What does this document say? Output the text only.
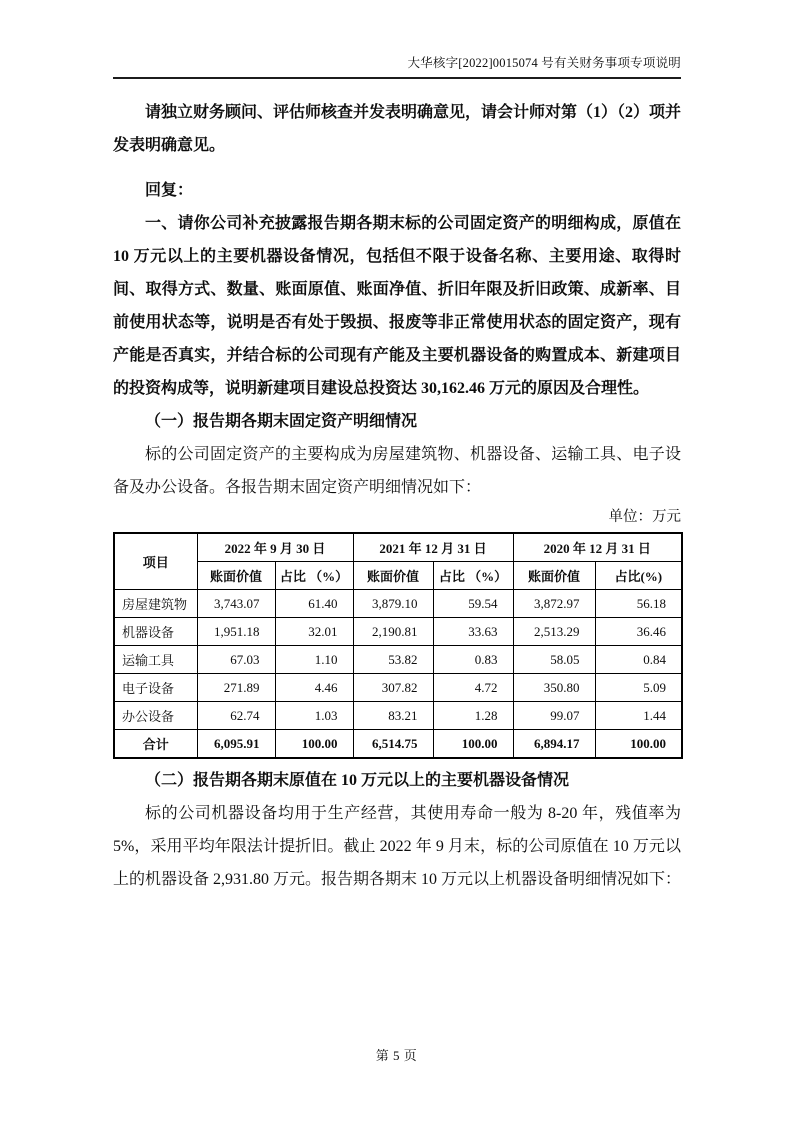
大华核字[2022]0015074 号有关财务事项专项说明

请独立财务顾问、评估师核查并发表明确意见，请会计师对第（1）（2）项并发表明确意见。

回复：

一、请你公司补充披露报告期各期末标的公司固定资产的明细构成，原值在 10 万元以上的主要机器设备情况，包括但不限于设备名称、主要用途、取得时间、取得方式、数量、账面原值、账面净值、折旧年限及折旧政策、成新率、目前使用状态等，说明是否有处于毁损、报废等非正常使用状态的固定资产，现有产能是否真实，并结合标的公司现有产能及主要机器设备的购置成本、新建项目的投资构成等，说明新建项目建设总投资达 30,162.46 万元的原因及合理性。

（一）报告期各期末固定资产明细情况

标的公司固定资产的主要构成为房屋建筑物、机器设备、运输工具、电子设备及办公设备。各报告期末固定资产明细情况如下：

单位：万元
项目	2022 年 9 月 30 日		2021 年 12 月 31 日		2020 年 12 月 31 日	
	账面价值	占比 （%）	账面价值	占比 （%）	账面价值	占比(%)
房屋建筑物	3,743.07	61.40	3,879.10	59.54	3,872.97	56.18
机器设备	1,951.18	32.01	2,190.81	33.63	2,513.29	36.46
运输工具	67.03	1.10	53.82	0.83	58.05	0.84
电子设备	271.89	4.46	307.82	4.72	350.80	5.09
办公设备	62.74	1.03	83.21	1.28	99.07	1.44
合计	6,095.91	100.00	6,514.75	100.00	6,894.17	100.00

（二）报告期各期末原值在 10 万元以上的主要机器设备情况

标的公司机器设备均用于生产经营，其使用寿命一般为 8-20 年，残值率为 5%，采用平均年限法计提折旧。截止 2022 年 9 月末，标的公司原值在 10 万元以上的机器设备 2,931.80 万元。报告期各期末 10 万元以上机器设备明细情况如下：

第 5 页
